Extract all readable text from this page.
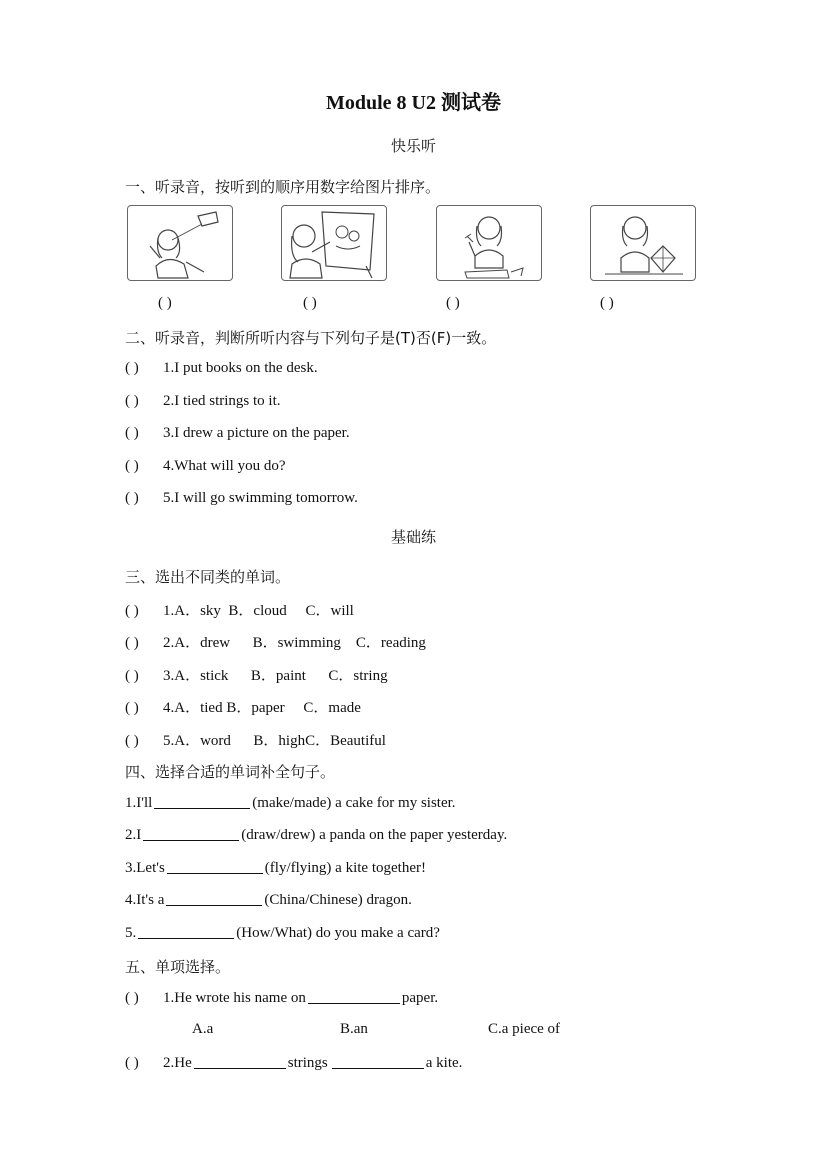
Module 8 U2 测试卷
快乐听
一、听录音，按听到的顺序用数字给图片排序。
( )	( )	( )	( )
二、听录音，判断所听内容与下列句子是(T)否(F)一致。
( ) 1.I put books on the desk.
( ) 2.I tied strings to it.
( ) 3.I drew a picture on the paper.
( ) 4.What will you do?
( ) 5.I will go swimming tomorrow.
基础练
三、选出不同类的单词。
( ) 1.A．sky  B．cloud     C．will
( ) 2.A．drew      B．swimming    C．reading
( ) 3.A．stick      B．paint      C．string
( ) 4.A．tied B．paper     C．made
( ) 5.A．word      B．highC．Beautiful
四、选择合适的单词补全句子。
1.I'll	(make/made) a cake for my sister.
2.I	(draw/drew) a panda on the paper yesterday.
3.Let's	(fly/flying) a kite together!
4.It's a	(China/Chinese) dragon.
5.	(How/What) do you make a card?
五、单项选择。
( ) 1.He wrote his name on	paper.
A.a	B.an	C.a piece of
( ) 2.He	strings	a kite.
